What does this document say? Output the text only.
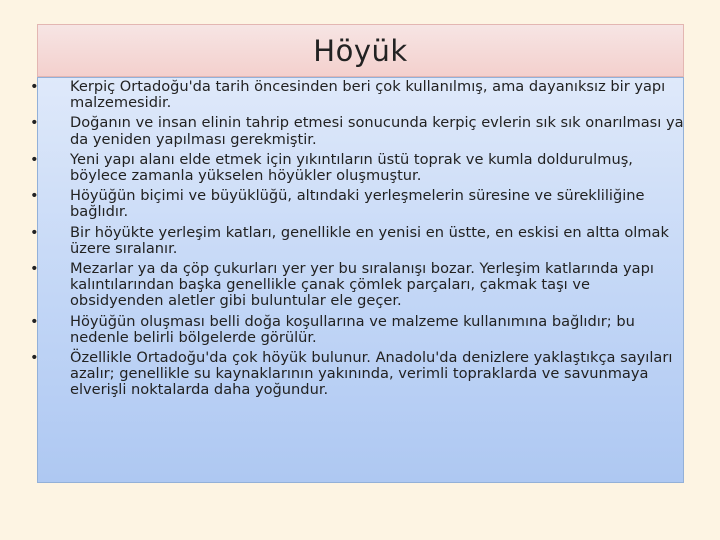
Höyük
• Kerpiç Ortadoğu'da tarih öncesinden beri çok kullanılmış, ama dayanıksız bir yapı malzemesidir.
• Doğanın ve insan elinin tahrip etmesi sonucunda kerpiç evlerin sık sık onarılması ya da yeniden yapılması gerekmiştir.
• Yeni yapı alanı elde etmek için yıkıntıların üstü toprak ve kumla doldurulmuş, böylece zamanla yükselen höyükler oluşmuştur.
• Höyüğün biçimi ve büyüklüğü, altındaki yerleşmelerin süresine ve sürekliliğine bağlıdır.
• Bir höyükte yerleşim katları, genellikle en yenisi en üstte, en eskisi en altta olmak üzere sıralanır.
• Mezarlar ya da çöp çukurları yer yer bu sıralanışı bozar. Yerleşim katlarında yapı kalıntılarından başka genellikle çanak çömlek parçaları, çakmak taşı ve obsidyenden aletler gibi buluntular ele geçer.
• Höyüğün oluşması belli doğa koşullarına ve malzeme kullanımına bağlıdır; bu nedenle belirli bölgelerde görülür.
• Özellikle Ortadoğu'da çok höyük bulunur. Anadolu'da denizlere yaklaştıkça sayıları azalır; genellikle su kaynaklarının yakınında, verimli topraklarda ve savunmaya elverişli noktalarda daha yoğundur.
